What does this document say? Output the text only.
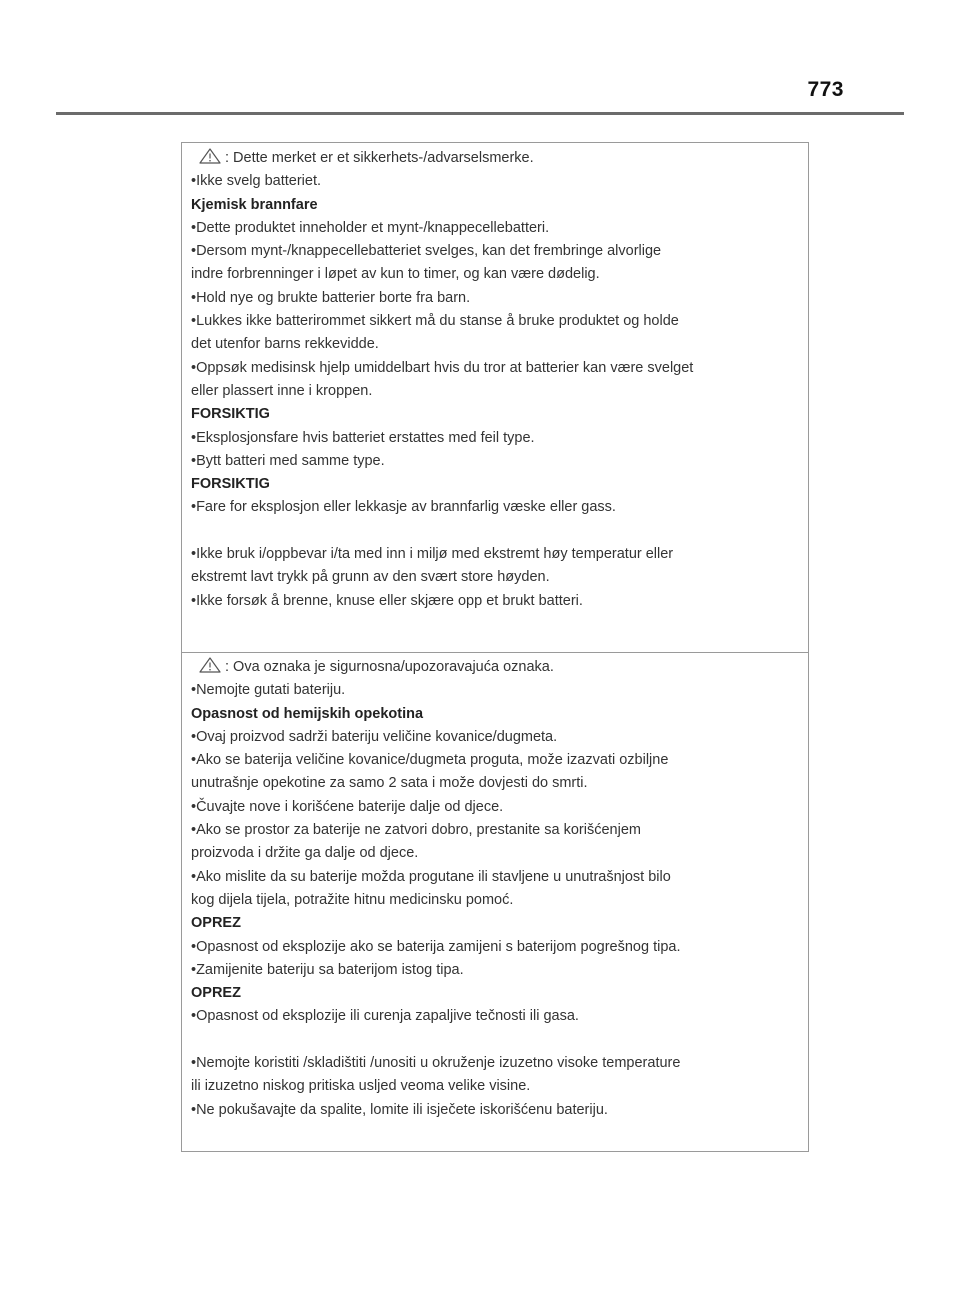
773
: Dette merket er et sikkerhets-/advarselsmerke.
•Ikke svelg batteriet.
Kjemisk brannfare
•Dette produktet inneholder et mynt-/knappecellebatteri.
•Dersom mynt-/knappecellebatteriet svelges, kan det frembringe alvorlige
indre forbrenninger i løpet av kun to timer, og kan være dødelig.
•Hold nye og brukte batterier borte fra barn.
•Lukkes ikke batterirommet sikkert må du stanse å bruke produktet og holde
det utenfor barns rekkevidde.
•Oppsøk medisinsk hjelp umiddelbart hvis du tror at batterier kan være svelget
eller plassert inne i kroppen.
FORSIKTIG
•Eksplosjonsfare hvis batteriet erstattes med feil type.
•Bytt batteri med samme type.
FORSIKTIG
•Fare for eksplosjon eller lekkasje av brannfarlig væske eller gass.
•Ikke bruk i/oppbevar i/ta med inn i miljø med ekstremt høy temperatur eller
ekstremt lavt trykk på grunn av den svært store høyden.
•Ikke forsøk å brenne, knuse eller skjære opp et brukt batteri.
: Ova oznaka je sigurnosna/upozoravajuća oznaka.
•Nemojte gutati bateriju.
Opasnost od hemijskih opekotina
•Ovaj proizvod sadrži bateriju veličine kovanice/dugmeta.
•Ako se baterija veličine kovanice/dugmeta proguta, može izazvati ozbiljne
unutrašnje opekotine za samo 2 sata i može dovjesti do smrti.
•Čuvajte nove i korišćene baterije dalje od djece.
•Ako se prostor za baterije ne zatvori dobro, prestanite sa korišćenjem
proizvoda i držite ga dalje od djece.
•Ako mislite da su baterije možda progutane ili stavljene u unutrašnjost bilo
kog dijela tijela, potražite hitnu medicinsku pomoć.
OPREZ
•Opasnost od eksplozije ako se baterija zamijeni s baterijom pogrešnog tipa.
•Zamijenite bateriju sa baterijom istog tipa.
OPREZ
•Opasnost od eksplozije ili curenja zapaljive tečnosti ili gasa.
•Nemojte koristiti /skladištiti /unositi u okruženje izuzetno visoke temperature
ili izuzetno niskog pritiska usljed veoma velike visine.
•Ne pokušavajte da spalite, lomite ili isječete iskorišćenu bateriju.
